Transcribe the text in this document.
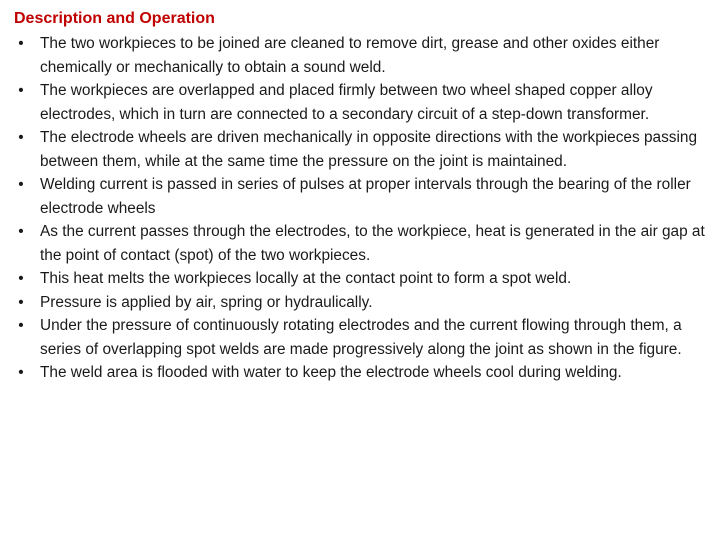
Description and Operation
• The two workpieces to be joined are cleaned to remove dirt, grease and other oxides either chemically or mechanically to obtain a sound weld.
• The workpieces are overlapped and placed firmly between two wheel shaped copper alloy electrodes, which in turn are connected to a secondary circuit of a step-down transformer.
• The electrode wheels are driven mechanically in opposite directions with the workpieces passing between them, while at the same time the pressure on the joint is maintained.
• Welding current is passed in series of pulses at proper intervals through the bearing of the roller electrode wheels
• As the current passes through the electrodes, to the workpiece, heat is generated in the air gap at the point of contact (spot) of the two workpieces.
• This heat melts the workpieces locally at the contact point to form a spot weld.
• Pressure is applied by air, spring or hydraulically.
• Under the pressure of continuously rotating electrodes and the current flowing through them, a series of overlapping spot welds are made progressively along the joint as shown in the figure.
• The weld area is flooded with water to keep the electrode wheels cool during welding.
